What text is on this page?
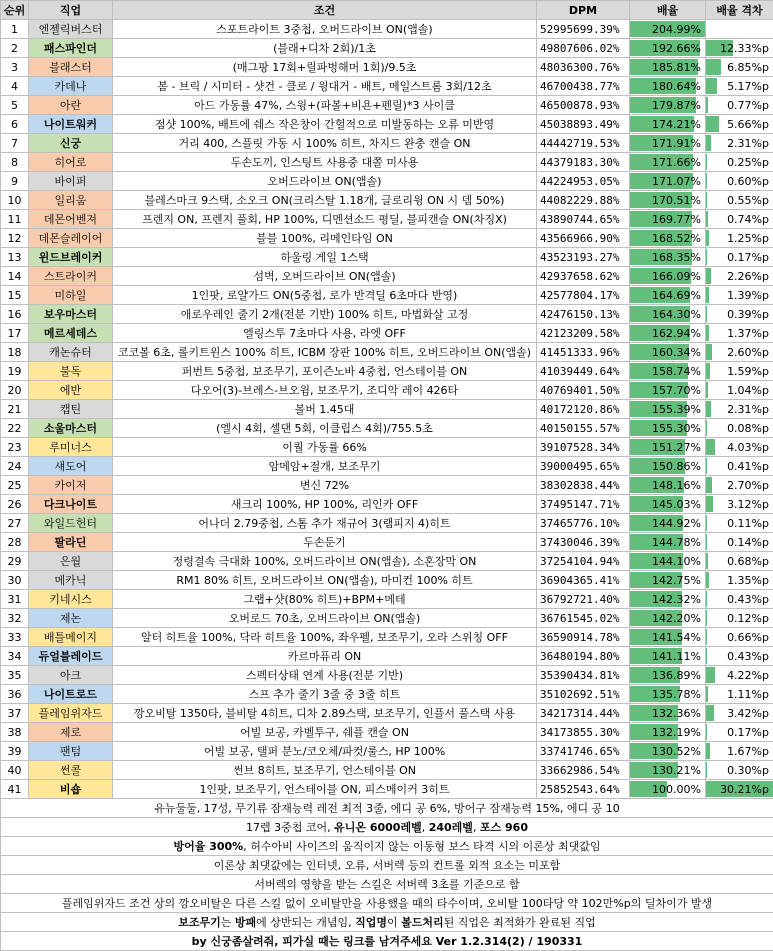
순위	직업	조건	DPM	배율	배율 격차
1	엔젤릭버스터	스포트라이트 3중첩, 오버드라이브 ON(앱솔)	52995699.39%	204.99%	

2	패스파인더	(블래+디차 2회)/1초	49807606.02%	192.66%	12.33%p

3	블래스터	(매그팡 17회+릴파벙해머 1회)/9.5초	48036300.76%	185.81%	6.85%p

4	카데나	봄 - 브릭 / 시미터 - 샷건 - 클로 / 윙대거 - 배트, 메일스트롬 3회/12초	46700438.77%	180.64%	5.17%p

5	아란	아드 가동률 47%, 스윙+(파볼+비욘+펜릴)*3 사이클	46500878.93%	179.87%	0.77%p

6	나이트워커	점샷 100%, 배트에 쉐스 작은창이 간헐적으로 미발동하는 오류 미반영	45038893.49%	174.21%	5.66%p

7	신궁	거리 400, 스플릿 가동 시 100% 히트, 차지드 완충 캔슬 ON	44442719.53%	171.91%	2.31%p

8	히어로	두손도끼, 인스팅트 사용중 대쫄 미사용	44379183.30%	171.66%	0.25%p

9	바이퍼	오버드라이브 ON(앱솔)	44224953.05%	171.07%	0.60%p

10	일리움	블레스마크 9스택, 소오크 ON(크리스탈 1.18개, 글로리윙 ON 시 뎀 50%)	44082229.88%	170.51%	0.55%p

11	데몬어벤져	프렌지 ON, 프렌지 풀회, HP 100%, 디멘션소드 평딜, 블피캔슬 ON(차징X)	43890744.65%	169.77%	0.74%p

12	데몬슬레이어	블블 100%, 리메인타임 ON	43566966.90%	168.52%	1.25%p

13	윈드브레이커	하울링 게일 1스택	43523193.27%	168.35%	0.17%p

14	스트라이커	섬벽, 오버드라이브 ON(앱솔)	42937658.62%	166.09%	2.26%p

15	미하일	1인팟, 로얄가드 ON(5중첩, 로가 반격딜 6초마다 반영)	42577804.17%	164.69%	1.39%p

16	보우마스터	애로우레인 줄기 2개(전분 기반) 100% 히트, 마법화살 고정	42476150.13%	164.30%	0.39%p

17	메르세데스	엘링스투 7초마다 사용, 라엣 OFF	42123209.58%	162.94%	1.37%p

18	캐논슈터	코코볼 6초, 롤키트윈스 100% 히트, ICBM 장판 100% 히트, 오버드라이브 ON(앱솔)	41451333.96%	160.34%	2.60%p

19	불독	퍼번트 5중첩, 보조무기, 포이즌노바 4중첩, 언스테이블 ON	41039449.64%	158.74%	1.59%p

20	에반	다오어(3)-브레스-브오윔, 보조무기, 조디악 레이 426타	40769401.50%	157.70%	1.04%p

21	캡틴	볼버 1.45대	40172120.86%	155.39%	2.31%p

22	소울마스터	(엘시 4회, 셀댄 5회, 이클립스 4회)/755.5초	40150155.57%	155.30%	0.08%p

23	루미너스	이퀄 가동률 66%	39107528.34%	151.27%	4.03%p

24	섀도어	암메암+절개, 보조무기	39000495.65%	150.86%	0.41%p

25	카이저	변신 72%	38302838.44%	148.16%	2.70%p

26	다크나이트	새크리 100%, HP 100%, 리인카 OFF	37495147.71%	145.03%	3.12%p

27	와일드헌터	어나더 2.79중첩, 스톰 추가 재규어 3(램피지 4)히트	37465776.10%	144.92%	0.11%p

28	팔라딘	두손둔기	37430046.39%	144.78%	0.14%p

29	은월	정령결속 극대화 100%, 오버드라이브 ON(앱솔), 소혼장막 ON	37254104.94%	144.10%	0.68%p

30	메카닉	RM1 80% 히트, 오버드라이브 ON(앱솔), 마미컨 100% 히트	36904365.41%	142.75%	1.35%p

31	키네시스	그랩+샷(80% 히트)+BPM+메테	36792721.40%	142.32%	0.43%p

32	제논	오버로드 70초, 오버드라이브 ON(앱솔)	36761545.02%	142.20%	0.12%p

33	배틀메이지	알터 히트율 100%, 닥라 히트율 100%, 좌우펠, 보조무기, 오라 스위칭 OFF	36590914.78%	141.54%	0.66%p

34	듀얼블레이드	카르마퓨리 ON	36480194.80%	141.11%	0.43%p

35	아크	스펙터상태 연계 사용(전분 기반)	35390434.81%	136.89%	4.22%p

36	나이트로드	스프 추가 줄기 3줄 중 3줄 히트	35102692.51%	135.78%	1.11%p

37	플레임위자드	깡오비탈 1350타, 블비탈 4히트, 디차 2.89스택, 보조무기, 인플서 풀스택 사용	34217314.44%	132.36%	3.42%p

38	제로	어빌 보공, 카벨투구, 쉐플 캔슬 ON	34173855.30%	132.19%	0.17%p

39	팬텀	어빌 보공, 탤퍼 분노/코오체/파컷/룰스, HP 100%	33741746.65%	130.52%	1.67%p

40	썬콜	썬브 8히트, 보조무기, 언스테이블 ON	33662986.54%	130.21%	0.30%p

41	비숍	1인팟, 보조무기, 언스테이블 ON, 피스메이커 3히트	25852543.64%	100.00%	30.21%p

유뉴둘둘, 17성, 무기류 잠재능력 레전 최적 3줄, 에디 공 6%, 방어구 잠재능력 15%, 에디 공 10					
17렙 3중첩 코어, 유니온 6000레벨, 240레벨, 포스 960					
방어율 300%, 허수아비 사이즈의 움직이지 않는 이동형 보스 타격 시의 이론상 최댓값임					
이론상 최댓값에는 인터넷, 오류, 서버렉 등의 컨트롤 외적 요소는 미포함					
서버렉의 영향을 받는 스킬은 서버렉 3초를 기준으로 함					
플레임위자드 조건 상의 깡오비탈은 다른 스킬 없이 오비탈만을 사용했을 때의 타수이며, 오비탈 100타당 약 102만%p의 딜차이가 발생					
보조무기는 방패에 상반되는 개념임, 직업명이 볼드처리된 직업은 최적화가 완료된 직업					
by 신궁좀살려줘, 피가실 때는 링크를 남겨주세요 Ver 1.2.314(2) / 190331					
